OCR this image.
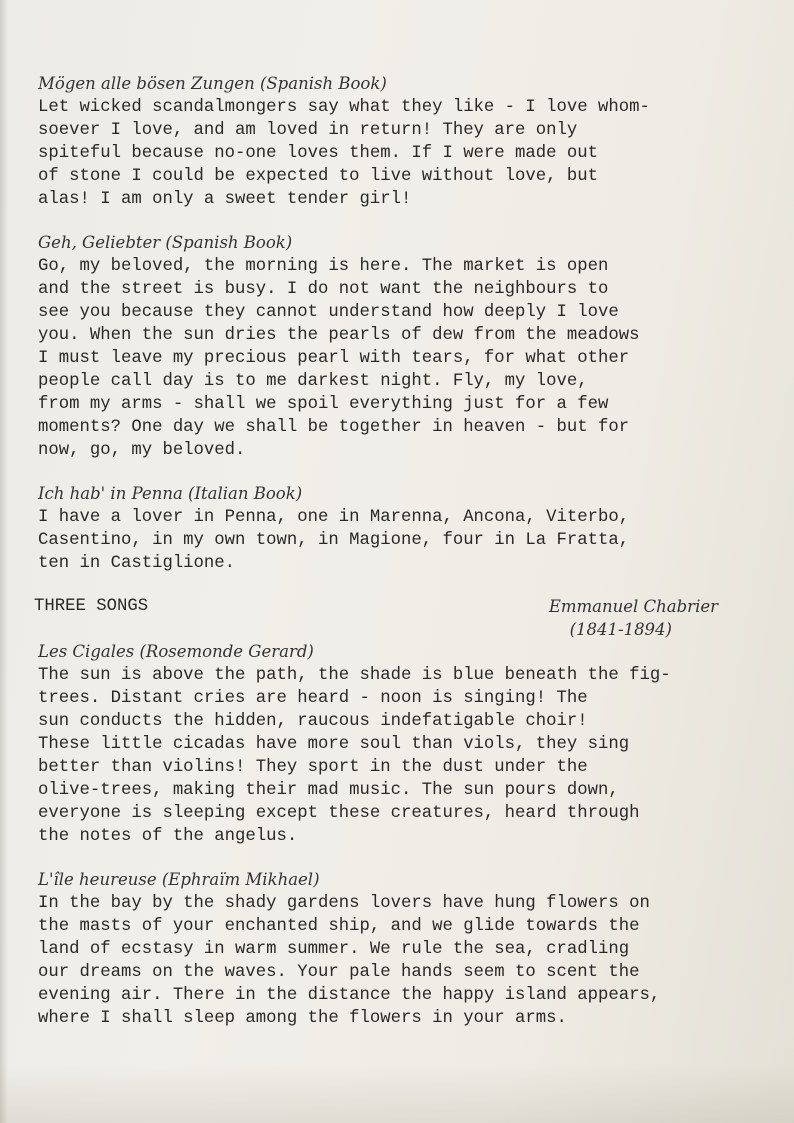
Mögen alle bösen Zungen (Spanish Book)
Let wicked scandalmongers say what they like - I love whom-
soever I love, and am loved in return! They are only
spiteful because no-one loves them. If I were made out
of stone I could be expected to live without love, but
alas! I am only a sweet tender girl!
Geh, Geliebter (Spanish Book)
Go, my beloved, the morning is here. The market is open
and the street is busy. I do not want the neighbours to
see you because they cannot understand how deeply I love
you. When the sun dries the pearls of dew from the meadows
I must leave my precious pearl with tears, for what other
people call day is to me darkest night. Fly, my love,
from my arms - shall we spoil everything just for a few
moments? One day we shall be together in heaven - but for
now, go, my beloved.
Ich hab' in Penna (Italian Book)
I have a lover in Penna, one in Marenna, Ancona, Viterbo,
Casentino, in my own town, in Magione, four in La Fratta,
ten in Castiglione.
THREE SONGS	Emmanuel Chabrier
(1841-1894)
Les Cigales (Rosemonde Gerard)
The sun is above the path, the shade is blue beneath the fig-
trees. Distant cries are heard - noon is singing! The
sun conducts the hidden, raucous indefatigable choir!
These little cicadas have more soul than viols, they sing
better than violins! They sport in the dust under the
olive-trees, making their mad music. The sun pours down,
everyone is sleeping except these creatures, heard through
the notes of the angelus.
L'île heureuse (Ephraïm Mikhael)
In the bay by the shady gardens lovers have hung flowers on
the masts of your enchanted ship, and we glide towards the
land of ecstasy in warm summer. We rule the sea, cradling
our dreams on the waves. Your pale hands seem to scent the
evening air. There in the distance the happy island appears,
where I shall sleep among the flowers in your arms.
